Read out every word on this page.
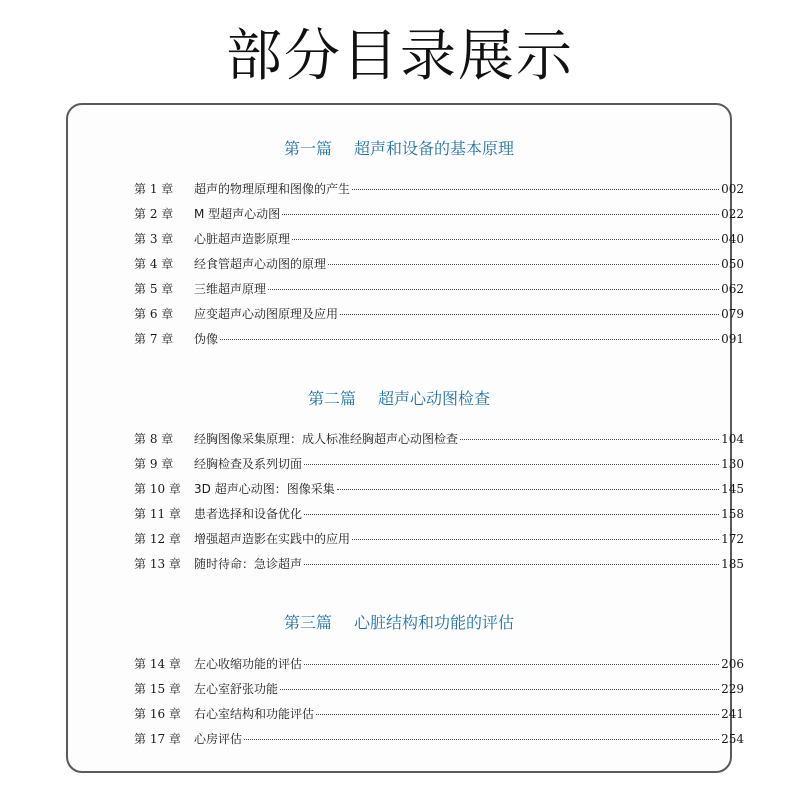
部分目录展示
第一篇 超声和设备的基本原理
第 1 章	超声的物理原理和图像的产生	002
第 2 章	M 型超声心动图	022
第 3 章	心脏超声造影原理	040
第 4 章	经食管超声心动图的原理	050
第 5 章	三维超声原理	062
第 6 章	应变超声心动图原理及应用	079
第 7 章	伪像	091
第二篇 超声心动图检查
第 8 章	经胸图像采集原理：成人标准经胸超声心动图检查	104
第 9 章	经胸检查及系列切面	130
第 10 章	3D 超声心动图：图像采集	145
第 11 章	患者选择和设备优化	158
第 12 章	增强超声造影在实践中的应用	172
第 13 章	随时待命：急诊超声	185
第三篇 心脏结构和功能的评估
第 14 章	左心收缩功能的评估	206
第 15 章	左心室舒张功能	229
第 16 章	右心室结构和功能评估	241
第 17 章	心房评估	254
